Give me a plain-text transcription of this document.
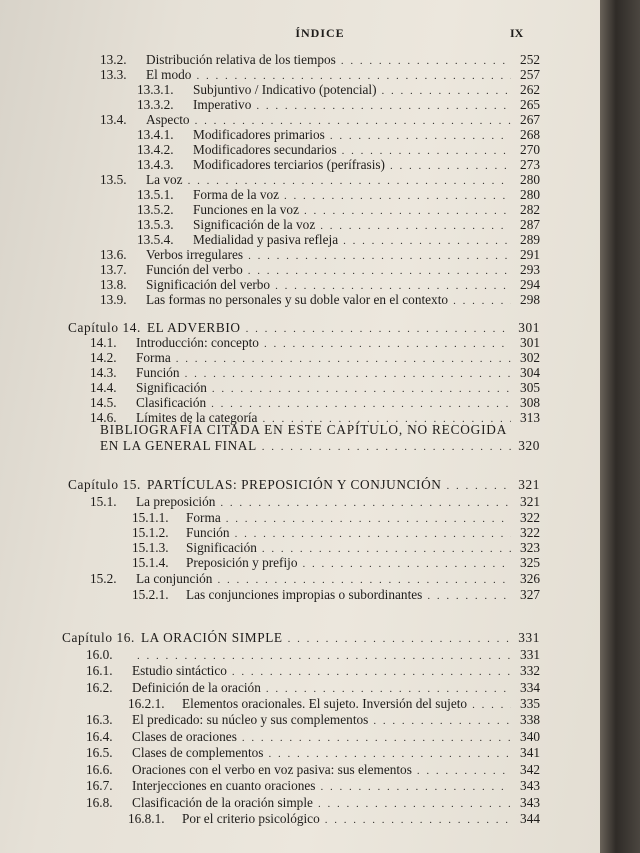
ÍNDICE	IX
13.2.	Distribución relativa de los tiempos . . .	252
13.3.	El modo . . .	257
13.3.1.	Subjuntivo / Indicativo (potencial) . . .	262
13.3.2.	Imperativo . . .	265
13.4.	Aspecto . . .	267
13.4.1.	Modificadores primarios . . .	268
13.4.2.	Modificadores secundarios . . .	270
13.4.3.	Modificadores terciarios (perífrasis) . . .	273
13.5.	La voz . . .	280
13.5.1.	Forma de la voz . . .	280
13.5.2.	Funciones en la voz . . .	282
13.5.3.	Significación de la voz . . .	287
13.5.4.	Medialidad y pasiva refleja . . .	289
13.6.	Verbos irregulares . . .	291
13.7.	Función del verbo . . .	293
13.8.	Significación del verbo . . .	294
13.9.	Las formas no personales y su doble valor en el contexto . . .	298
Capítulo 14. EL ADVERBIO . . .	301
14.1.	Introducción: concepto . . .	301
14.2.	Forma . . .	302
14.3.	Función . . .	304
14.4.	Significación . . .	305
14.5.	Clasificación . . .	308
14.6.	Límites de la categoría . . .	313
BIBLIOGRAFÍA CITADA EN ESTE CAPÍTULO, NO RECOGIDA
EN LA GENERAL FINAL . . .	320
Capítulo 15. PARTÍCULAS: PREPOSICIÓN Y CONJUNCIÓN . . .	321
15.1.	La preposición . . .	321
15.1.1.	Forma . . .	322
15.1.2.	Función . . .	322
15.1.3.	Significación . . .	323
15.1.4.	Preposición y prefijo . . .	325
15.2.	La conjunción . . .	326
15.2.1.	Las conjunciones impropias o subordinantes . . .	327
Capítulo 16. LA ORACIÓN SIMPLE . . .	331
16.0. . . .	331
16.1.	Estudio sintáctico . . .	332
16.2.	Definición de la oración . . .	334
16.2.1.	Elementos oracionales. El sujeto. Inversión del sujeto . . .	335
16.3.	El predicado: su núcleo y sus complementos . . .	338
16.4.	Clases de oraciones . . .	340
16.5.	Clases de complementos . . .	341
16.6.	Oraciones con el verbo en voz pasiva: sus elementos . . .	342
16.7.	Interjecciones en cuanto oraciones . . .	343
16.8.	Clasificación de la oración simple . . .	343
16.8.1.	Por el criterio psicológico . . .	344
